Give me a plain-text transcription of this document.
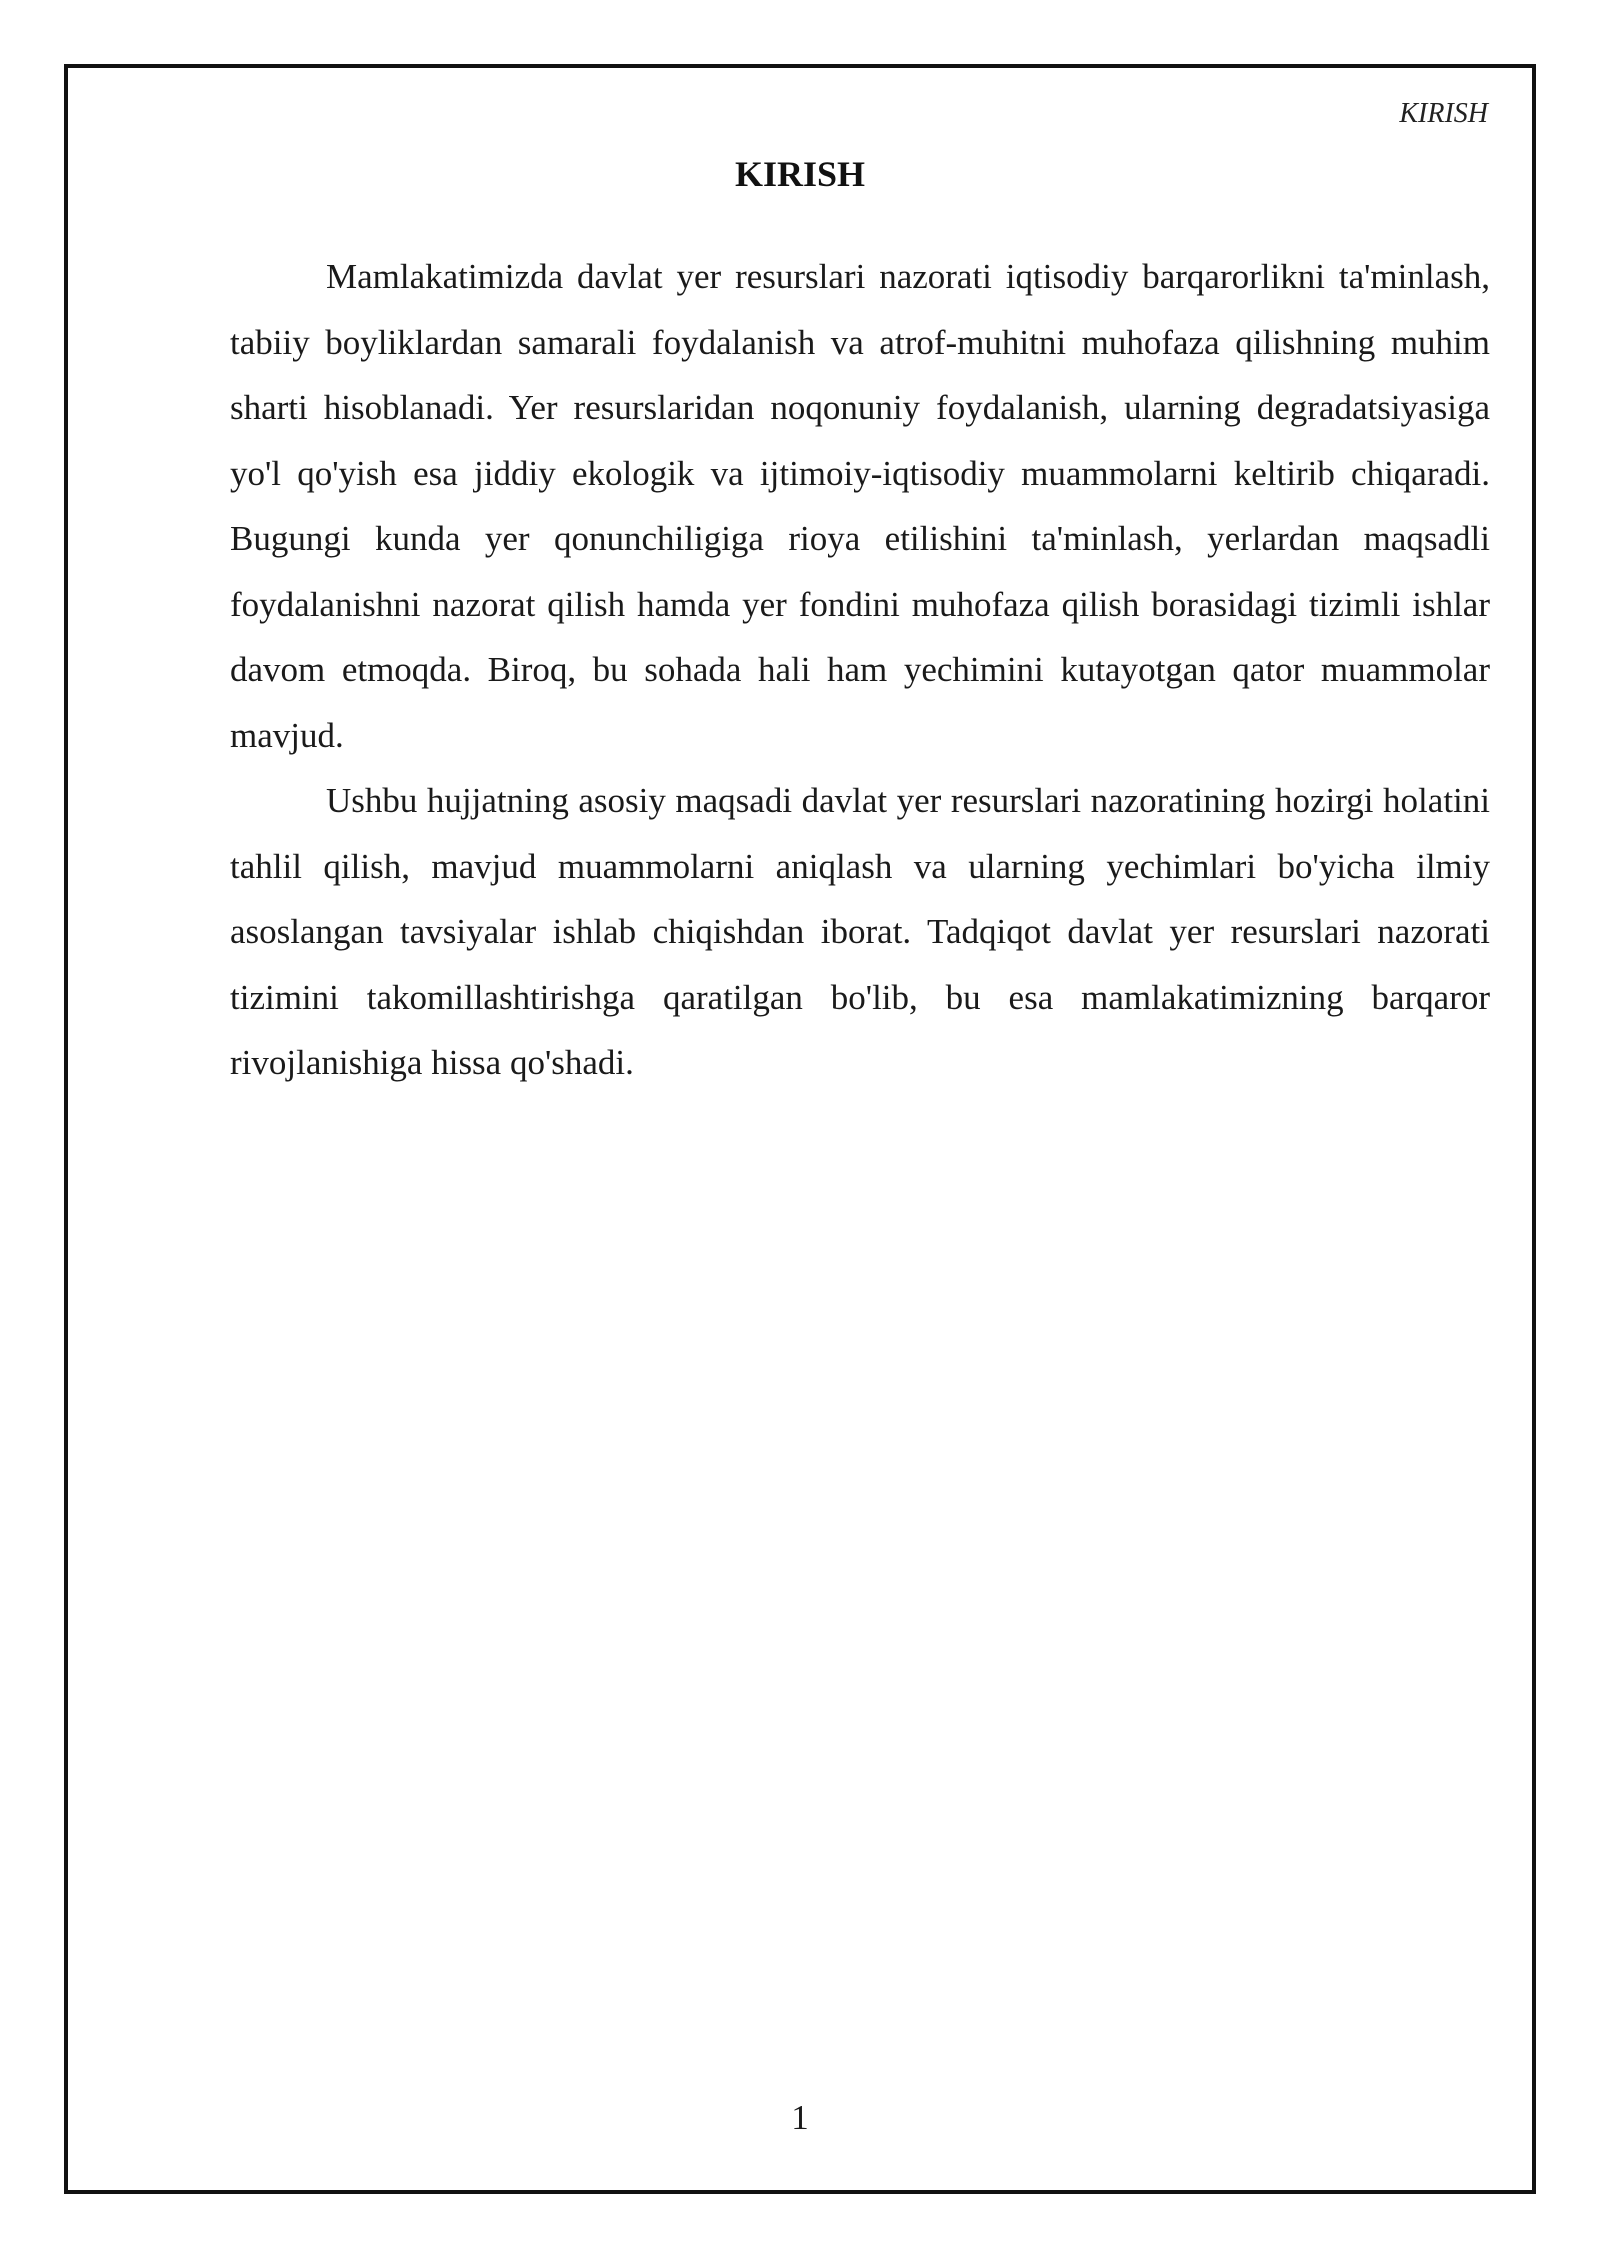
KIRISH

KIRISH

Mamlakatimizda davlat yer resurslari nazorati iqtisodiy barqarorlikni ta'minlash, tabiiy boyliklardan samarali foydalanish va atrof-muhitni muhofaza qilishning muhim sharti hisoblanadi. Yer resurslaridan noqonuniy foydalanish, ularning degradatsiyasiga yo'l qo'yish esa jiddiy ekologik va ijtimoiy-iqtisodiy muammolarni keltirib chiqaradi. Bugungi kunda yer qonunchiligiga rioya etilishini ta'minlash, yerlardan maqsadli foydalanishni nazorat qilish hamda yer fondini muhofaza qilish borasidagi tizimli ishlar davom etmoqda. Biroq, bu sohada hali ham yechimini kutayotgan qator muammolar mavjud.

Ushbu hujjatning asosiy maqsadi davlat yer resurslari nazoratining hozirgi holatini tahlil qilish, mavjud muammolarni aniqlash va ularning yechimlari bo'yicha ilmiy asoslangan tavsiyalar ishlab chiqishdan iborat. Tadqiqot davlat yer resurslari nazorati tizimini takomillashtirishga qaratilgan bo'lib, bu esa mamlakatimizning barqaror rivojlanishiga hissa qo'shadi.

1
